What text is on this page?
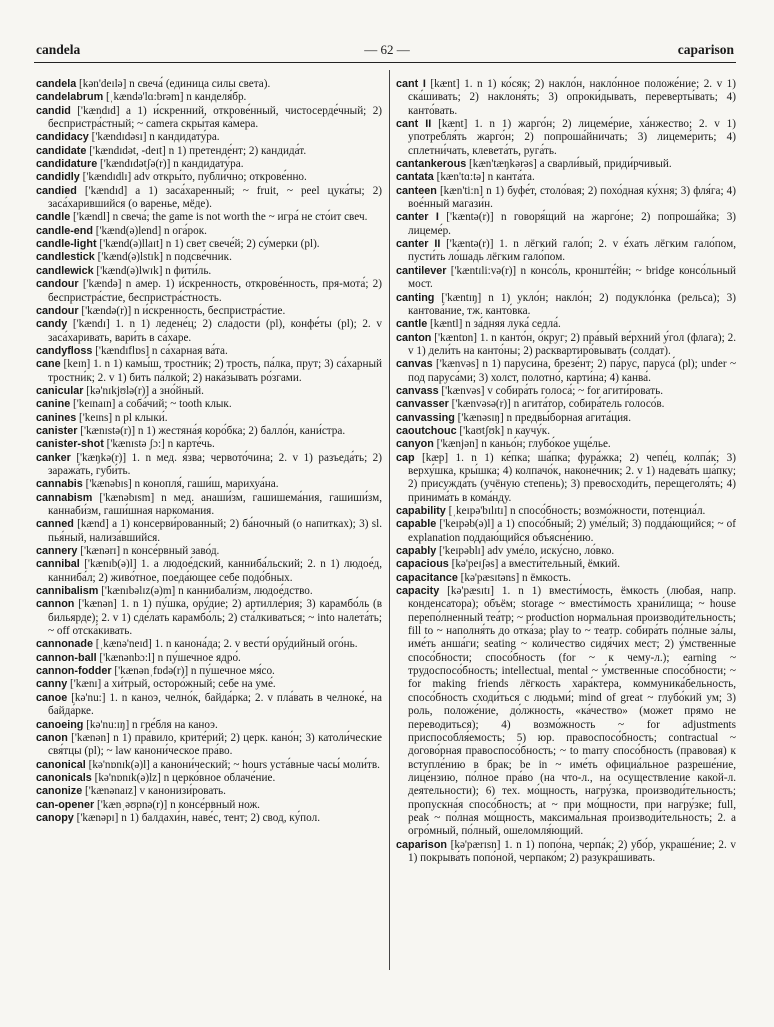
candela	— 62 —	caparison

candela [kən'deɪlə] n свеча́ (единица силы света).

candelabrum [ˌkændə'lɑ:brəm] n канделя́бр.

candid ['kændɪd] a 1) и́скренний, открове́нный, чистосерде́чный; 2) беспристра́стный; ~ camera скры́тая ка́мера.

candidacy ['kændɪdəsɪ] n кандидату́ра.

candidate ['kændɪdət, -deɪt] n 1) претенде́нт; 2) кандида́т.

candidature ['kændɪdətʃə(r)] n кандидату́ра.

candidly ['kændɪdlɪ] adv откры́то, публи́чно; открове́нно.

candied ['kændɪd] a 1) заса́харенный; ~ fruit, ~ peel цука́ты; 2) заса́харившийся (о варенье, мёде).

candle ['kændl] n свеча́; the game is not worth the ~ игра́ не сто́ит свеч.

candle-end ['kænd(ə)lend] n ога́рок.

candle-light ['kænd(ə)llaɪt] n 1) свет свече́й; 2) су́мерки (pl).

candlestick ['kænd(ə)lstɪk] n подсве́чник.

candlewick ['kænd(ə)lwɪk] n фити́ль.

candour ['kændə] n амер. 1) и́скренность, открове́нность, пря-мота́; 2) беспристра́стие, беспристра́стность.

candour ['kændə(r)] n и́скренность, беспристра́стие.

candy ['kændɪ] 1. n 1) ледене́ц; 2) сла́дости (pl), конфе́ты (pl); 2. v заса́харивать, вари́ть в са́харе.

candyfloss ['kændɪflɒs] n са́харная ва́та.

cane [keɪn] 1. n 1) камы́ш, тростни́к; 2) трость, па́лка, прут; 3) са́харный тростни́к; 2. v 1) бить па́лкой; 2) нака́зывать ро́згами.

canicular [kə'nɪkjʊlə(r)] a зно́йный.

canine ['keɪnaɪn] a соба́чий; ~ tooth клык.

canines ['keɪns] n pl клыки́.

canister ['kænɪstə(r)] n 1) жестяна́я коро́бка; 2) балло́н, кани́стра.

canister-shot ['kænɪstə ʃɔ:] n карте́чь.

canker ['kæŋkə(r)] 1. n мед. я́зва; червото́чина; 2. v 1) разъеда́ть; 2) заража́ть, губи́ть.

cannabis ['kænəbɪs] n конопля́, гаши́ш, марихуа́на.

cannabism ['kænəbɪsm] n мед. анаши́зм, гашишема́ния, гашиши́зм, каннаби́зм, гаши́шная наркома́ния.

canned [kænd] a 1) консерви́рованный; 2) ба́ночный (о напитках); 3) sl. пья́ный, нализа́вшийся.

cannery ['kænərɪ] n консе́рвный заво́д.

cannibal ['kænɪb(ə)l] 1. a людое́дский, канниба́льский; 2. n 1) людое́д, канниба́л; 2) живо́тное, поеда́ющее себе подо́бных.

cannibalism ['kænɪbəlɪz(ə)m] n каннибали́зм, людое́дство.

cannon ['kænən] 1. n 1) пу́шка, ору́дие; 2) артилле́рия; 3) карамбо́ль (в бильярде); 2. v 1) сде́лать карамбо́ль; 2) ста́лкиваться; ~ into налета́ть; ~ off отска́кивать.

cannonade [ˌkænə'neɪd] 1. n канона́да; 2. v вести́ ору́дийный ого́нь.

cannon-ball ['kænənbɔ:l] n пу́шечное ядро́.

cannon-fodder ['kænənˌfɒdə(r)] n пу́шечное мя́со.

canny ['kænɪ] a хи́трый, осторо́жный; себе на уме́.

canoe [kə'nu:] 1. n каноэ, челно́к, байда́рка; 2. v пла́вать в челноке́, на байда́рке.

canoeing [kə'nu:ɪŋ] n гре́бля на каноэ.

canon ['kænən] n 1) пра́вило, крите́рий; 2) церк. кано́н; 3) католи́ческие свя́тцы (pl); ~ law канони́ческое пра́во.

canonical [kə'nɒnɪk(ə)l] a канони́ческий; ~ hours уста́вные часы́ моли́тв.

canonicals [kə'nɒnɪk(ə)lz] n церко́вное облаче́ние.

canonize ['kænənaɪz] v канонизи́ровать.

can-opener ['kænˌəʊpnə(r)] n консе́рвный нож.

canopy ['kænəpɪ] n 1) балдахи́н, наве́с, тент; 2) свод, ку́пол.

cant I [kænt] 1. n 1) ко́сяк; 2) накло́н, накло́нное положе́ние; 2. v 1) ска́шивать; 2) наклоня́ть; 3) опроки́дывать, переверты́вать; 4) канто́вать.

cant II [kænt] 1. n 1) жарго́н; 2) лицеме́рие, ха́нжество; 2. v 1) употребля́ть жарго́н; 2) попроша́йничать; 3) лицеме́рить; 4) сплетни́чать, клевета́ть, руга́ть.

cantankerous [kæn'tæŋkərəs] a сварли́вый, приди́рчивый.

cantata [kæn'tɑ:tə] n канта́та.

canteen [kæn'ti:n] n 1) буфе́т, столо́вая; 2) похо́дная ку́хня; 3) фля́га; 4) вое́нный магази́н.

canter I ['kæntə(r)] n говоря́щий на жарго́не; 2) попроша́йка; 3) лицеме́р.

canter II ['kæntə(r)] 1. n лёгкий гало́п; 2. v е́хать лёгким гало́пом, пусти́ть ло́шадь лёгким гало́пом.

cantilever ['kæntɪli:və(r)] n консо́ль, кронште́йн; ~ bridge консо́льный мост.

canting ['kæntɪŋ] n 1) укло́н; накло́н; 2) подукло́нка (рельса); 3) кантова́ние, тж. канто́вка.

cantle [kæntl] n за́дняя лука́ седла́.

canton ['kæntɒn] 1. n канто́н, о́круг; 2) пра́вый ве́рхний у́гол (флага); 2. v 1) дели́ть на канто́ны; 2) расквартиро́вывать (солдат).

canvas ['kænvəs] n 1) паруси́на, брезе́нт; 2) па́рус, паруса́ (pl); under ~ под паруса́ми; 3) холст, полотно́, карти́на; 4) канва́.

canvass ['kænvəs] v собира́ть голоса́; ~ for агити́ровать.

canvasser ['kænvəsə(r)] n агита́тор, собира́тель голосо́в.

canvassing ['kænəsɪŋ] n предвы́борная агита́ция.

caoutchouc ['kaʊtʃʊk] n каучу́к.

canyon ['kænjən] n каньо́н; глубо́кое уще́лье.

cap [kæp] 1. n 1) ке́пка; ша́пка; фура́жка; 2) чепе́ц, колпа́к; 3) верху́шка, кры́шка; 4) колпачо́к, наконе́чник; 2. v 1) надева́ть ша́пку; 2) присужда́ть (учёную степень); 3) превосходи́ть, перещеголя́ть; 4) принима́ть в кома́нду.

capability [ˌkeɪpə'bɪlɪtɪ] n спосо́бность; возмо́жности, потенциа́л.

capable ['keɪpəb(ə)l] a 1) спосо́бный; 2) уме́лый; 3) подда́ющийся; ~ of explanation поддаю́щийся объясне́нию.

capably ['keɪpəblɪ] adv уме́ло, иску́сно, ло́вко.

capacious [kə'peɪʃəs] a вмести́тельный, ёмкий.

capacitance [kə'pæsɪtəns] n ёмкость.

capacity [kə'pæsɪtɪ] 1. n 1) вмести́мость, ёмкость (любая, напр. конденсатора); объём; storage ~ вмести́мость храни́лища; ~ house перепо́лненный теа́тр; ~ production нормальная производи́тельность; fill to ~ наполня́ть до отка́за; play to ~ театр. собира́ть по́лные за́лы, име́ть анша́ги; seating ~ коли́чество сидя́чих мест; 2) у́мственные спосо́бности; спосо́бность (for ~ к чему-л.); earning ~ трудоспосо́бность; intellectual, mental ~ у́мственные спосо́бности; ~ for making friends лёгкость хара́ктера, коммуника́бельность, спосо́бность сходи́ться с людьми́; mind of great ~ глубо́кий ум; 3) роль, положе́ние, до́лжность, «ка́чество» (может прямо не переводиться); 4) возмо́жность ~ for adjustments приспособля́емость; 5) юр. правоспосо́бность; contractual ~ догово́рная правоспосо́бность; ~ to marry спосо́бность (правовая) к вступле́нию в брак; be in ~ име́ть официа́льное разреше́ние, лице́нзию, по́лное пра́во (на что-л., на осуществление какой-л. деятельности); 6) тех. мо́щность, нагру́зка, производи́тельность; пропускна́я спосо́бность; at ~ при мо́щности, при нагру́зке; full, peak ~ по́лная мо́щность, максима́льная производи́тельность; 2. a огро́мный, по́лный, ошеломля́ющий.

caparison [kə'pærɪsn] 1. n 1) попо́на, черпа́к; 2) убо́р, украше́ние; 2. v 1) покрыва́ть попо́ной, черпако́м; 2) разукра́шивать.
